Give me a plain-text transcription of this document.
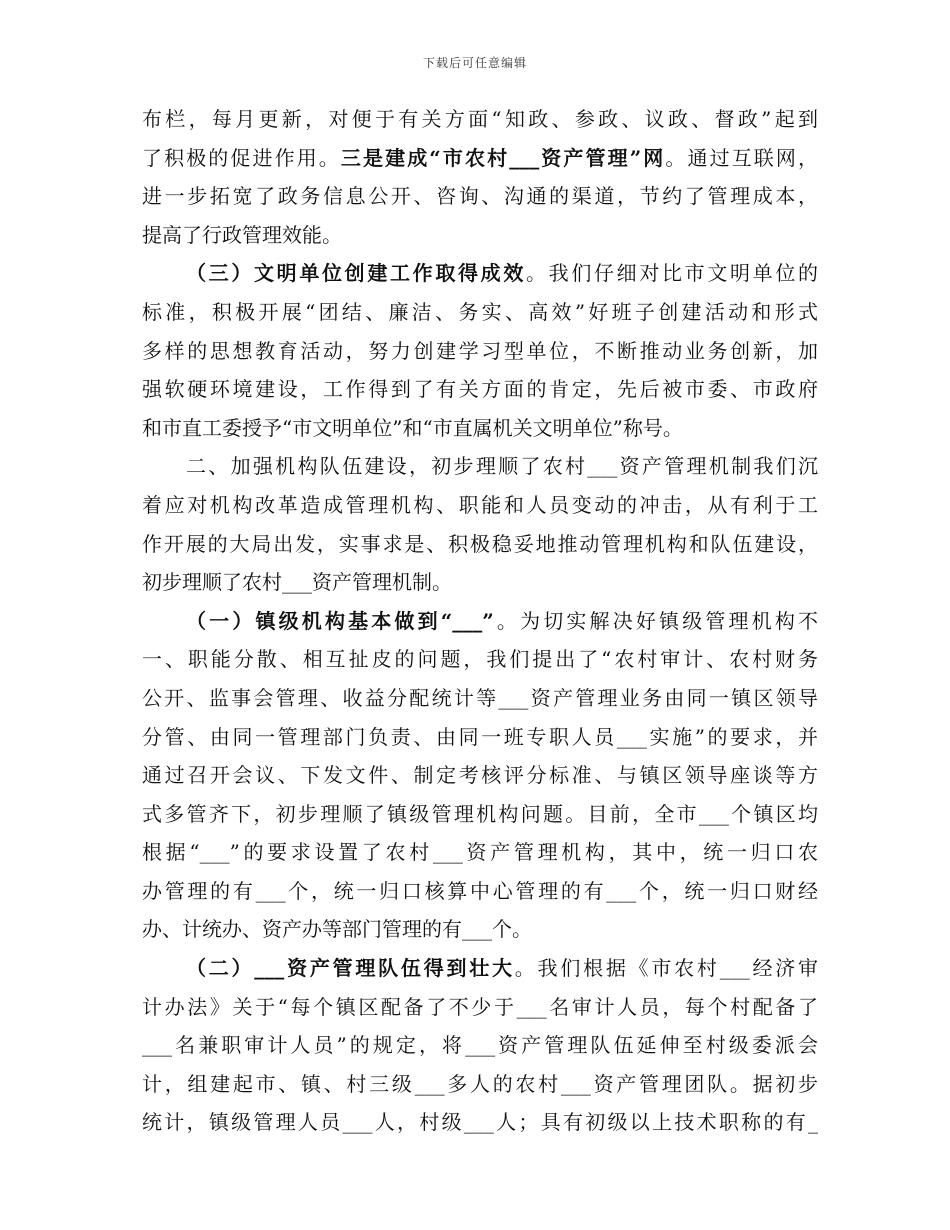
下载后可任意编辑
布栏，每月更新，对便于有关方面“知政、参政、议政、督政”起到
了积极的促进作用。三是建成“市农村___资产管理”网。通过互联网，
进一步拓宽了政务信息公开、咨询、沟通的渠道，节约了管理成本，
提高了行政管理效能。
（三）文明单位创建工作取得成效。我们仔细对比市文明单位的
标准，积极开展“团结、廉洁、务实、高效”好班子创建活动和形式
多样的思想教育活动，努力创建学习型单位，不断推动业务创新，加
强软硬环境建设，工作得到了有关方面的肯定，先后被市委、市政府
和市直工委授予“市文明单位”和“市直属机关文明单位”称号。
二、加强机构队伍建设，初步理顺了农村___资产管理机制我们沉
着应对机构改革造成管理机构、职能和人员变动的冲击，从有利于工
作开展的大局出发，实事求是、积极稳妥地推动管理机构和队伍建设，
初步理顺了农村___资产管理机制。
（一）镇级机构基本做到“___”。为切实解决好镇级管理机构不
一、职能分散、相互扯皮的问题，我们提出了“农村审计、农村财务
公开、监事会管理、收益分配统计等___资产管理业务由同一镇区领导
分管、由同一管理部门负责、由同一班专职人员___实施”的要求，并
通过召开会议、下发文件、制定考核评分标准、与镇区领导座谈等方
式多管齐下，初步理顺了镇级管理机构问题。目前，全市___个镇区均
根据“___”的要求设置了农村___资产管理机构，其中，统一归口农
办管理的有___个，统一归口核算中心管理的有___个，统一归口财经
办、计统办、资产办等部门管理的有___个。
（二）___资产管理队伍得到壮大。我们根据《市农村___经济审
计办法》关于“每个镇区配备了不少于___名审计人员，每个村配备了
___名兼职审计人员”的规定，将___资产管理队伍延伸至村级委派会
计，组建起市、镇、村三级___多人的农村___资产管理团队。据初步
统计，镇级管理人员___人，村级___人；具有初级以上技术职称的有_
